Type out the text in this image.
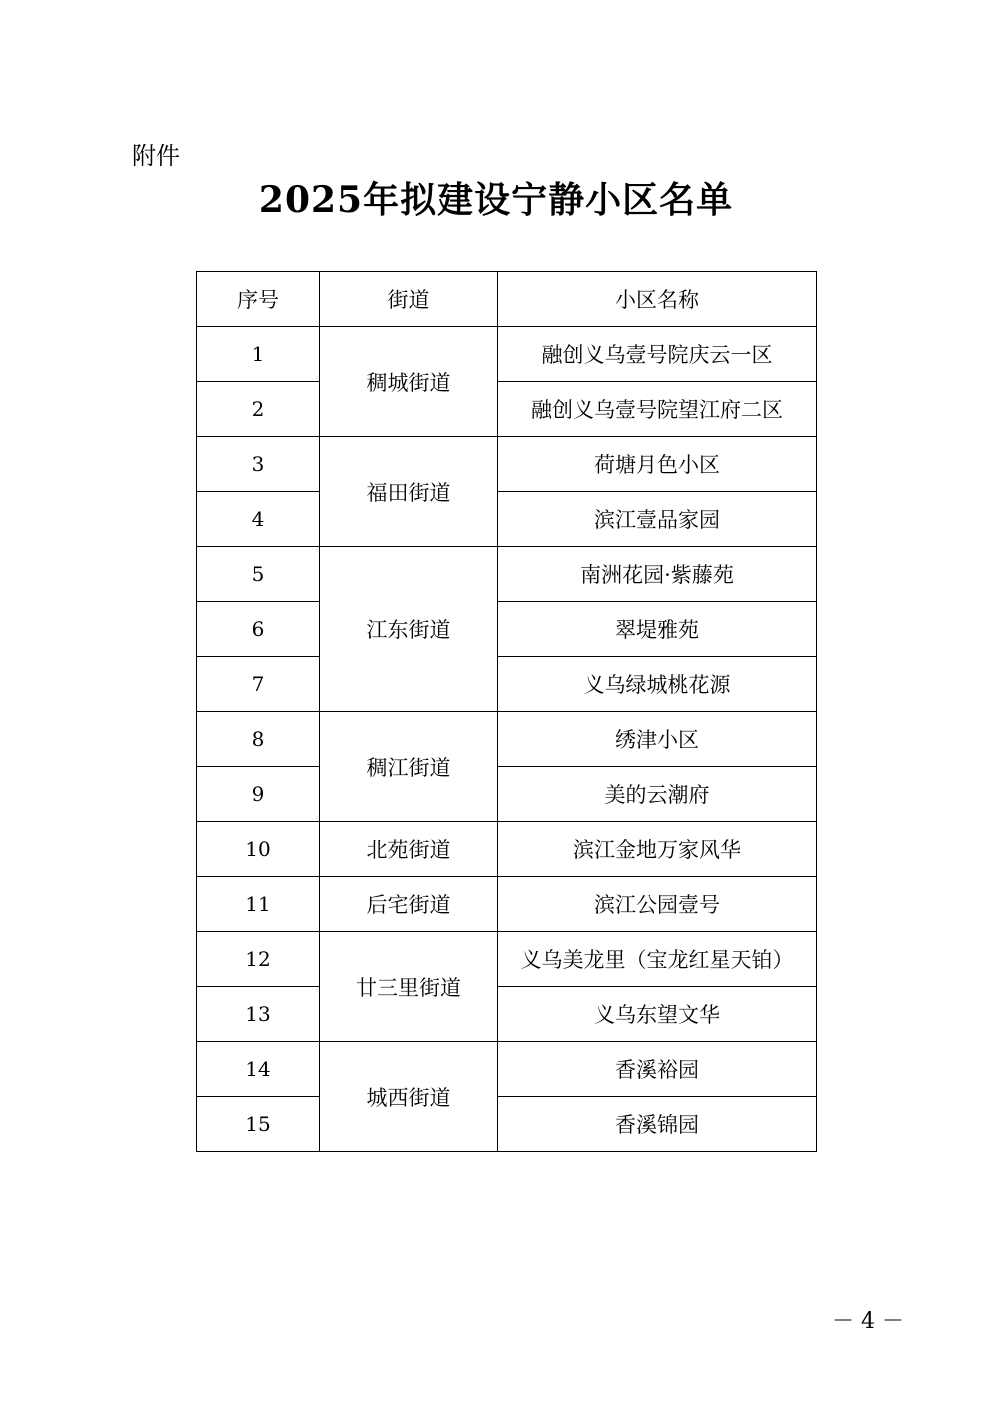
附件
2025年拟建设宁静小区名单
序号	街道	小区名称
1	稠城街道	融创义乌壹号院庆云一区
2		融创义乌壹号院望江府二区
3	福田街道	荷塘月色小区
4		滨江壹品家园
5	江东街道	南洲花园·紫藤苑
6		翠堤雅苑
7		义乌绿城桃花源
8	稠江街道	绣津小区
9		美的云潮府
10	北苑街道	滨江金地万家风华
11	后宅街道	滨江公园壹号
12	廿三里街道	义乌美龙里（宝龙红星天铂）
13		义乌东望文华
14	城西街道	香溪裕园
15		香溪锦园
－ 4 －
